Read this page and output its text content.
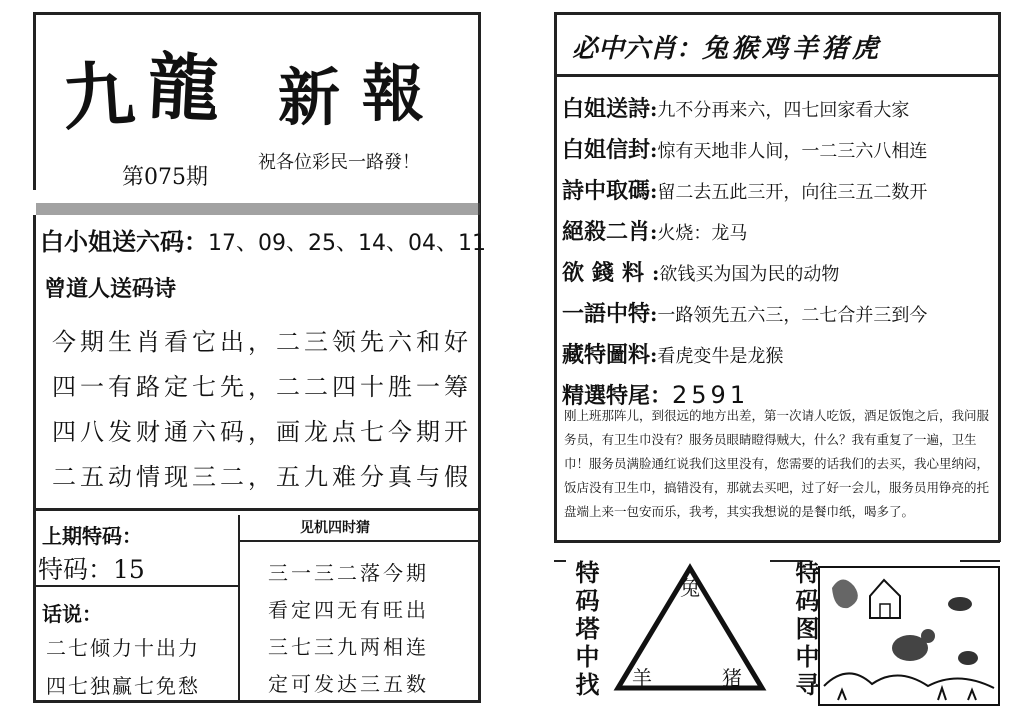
九 龍 新 報
第075期
祝各位彩民一路發！
白小姐送六码：17、09、25、14、04、11
曾道人送码诗
今期生肖看它出，二三领先六和好
四一有路定七先，二二四十胜一筹
四八发财通六码，画龙点七今期开
二五动情现三二，五九难分真与假
上期特码：
特码：15
话说：
二七倾力十出力
四七独赢七免愁
见机四时猜
三一三二落今期
看定四无有旺出
三七三九两相连
定可发达三五数
必中六肖：兔猴鸡羊猪虎
白姐送詩:九不分再来六，四七回家看大家
白姐信封:惊有天地非人间，一二三六八相连
詩中取碼:留二去五此三开，向往三五二数开
絕殺二肖:火烧：龙马
欲錢料:欲钱买为国为民的动物
一語中特:一路领先五六三，二七合并三到今
藏特圖料:看虎变牛是龙猴
精選特尾：2591
刚上班那阵儿，到很远的地方出差，第一次请人吃饭，酒足饭饱之后，我问服务员，有卫生巾没有？服务员眼睛瞪得贼大，什么？我有重复了一遍，卫生巾！服务员满脸通红说我们这里没有，您需要的话我们的去买，我心里纳闷，饭店没有卫生巾，搞错没有，那就去买吧，过了好一会儿，服务员用铮亮的托盘端上来一包安而乐，我考，其实我想说的是餐巾纸，喝多了。
特码塔中找	兔
羊	猪 特码图中寻
